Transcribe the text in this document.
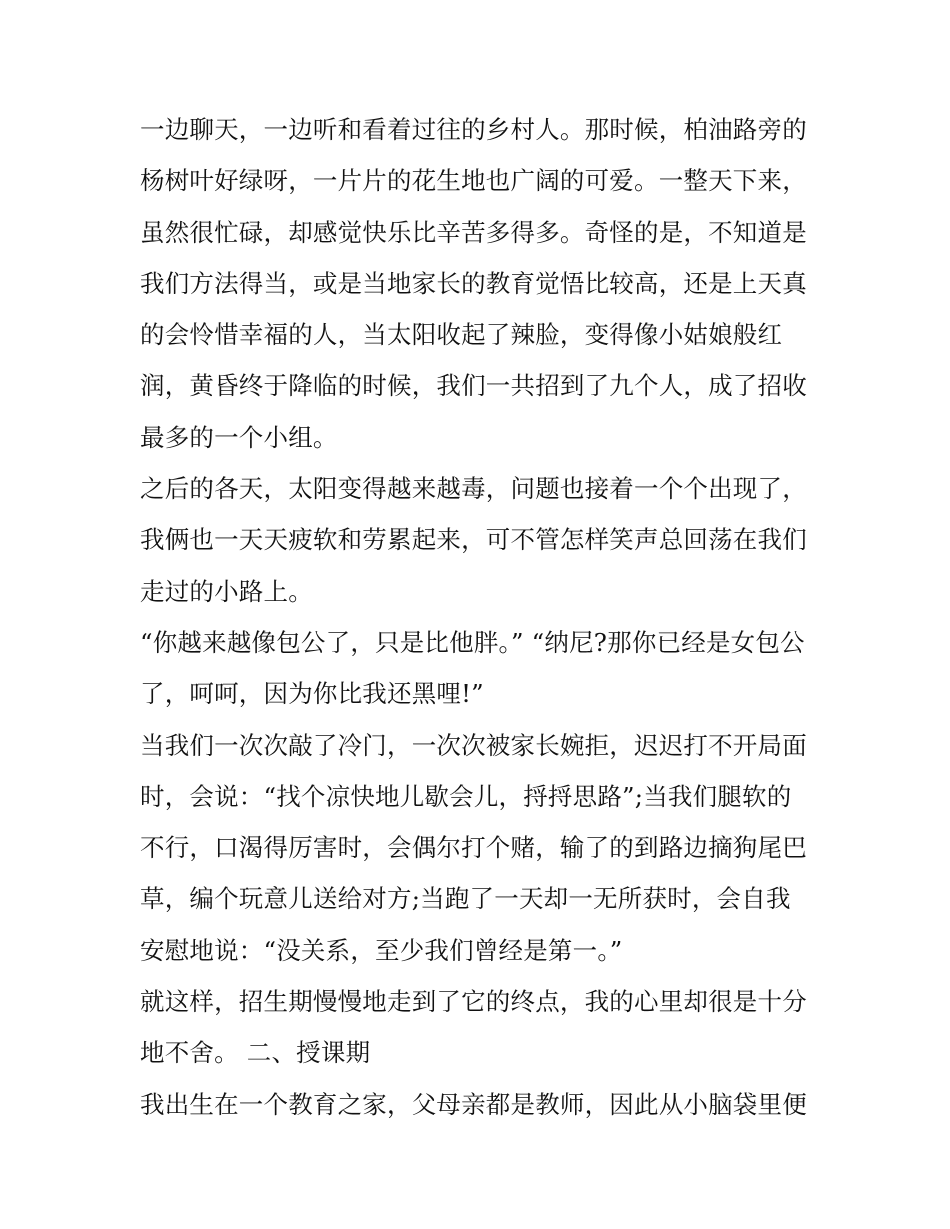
一边聊天，一边听和看着过往的乡村人。那时候，柏油路旁的
杨树叶好绿呀，一片片的花生地也广阔的可爱。一整天下来，
虽然很忙碌，却感觉快乐比辛苦多得多。奇怪的是，不知道是
我们方法得当，或是当地家长的教育觉悟比较高，还是上天真
的会怜惜幸福的人，当太阳收起了辣脸，变得像小姑娘般红
润，黄昏终于降临的时候，我们一共招到了九个人，成了招收
最多的一个小组。
之后的各天，太阳变得越来越毒，问题也接着一个个出现了，
我俩也一天天疲软和劳累起来，可不管怎样笑声总回荡在我们
走过的小路上。
“你越来越像包公了，只是比他胖。” “纳尼?那你已经是女包公
了，呵呵，因为你比我还黑哩!”
当我们一次次敲了冷门，一次次被家长婉拒，迟迟打不开局面
时，会说：“找个凉快地儿歇会儿，捋捋思路”;当我们腿软的
不行，口渴得厉害时，会偶尔打个赌，输了的到路边摘狗尾巴
草，编个玩意儿送给对方;当跑了一天却一无所获时，会自我
安慰地说：“没关系，至少我们曾经是第一。”
就这样，招生期慢慢地走到了它的终点，我的心里却很是十分
地不舍。 二、授课期
我出生在一个教育之家，父母亲都是教师，因此从小脑袋里便
